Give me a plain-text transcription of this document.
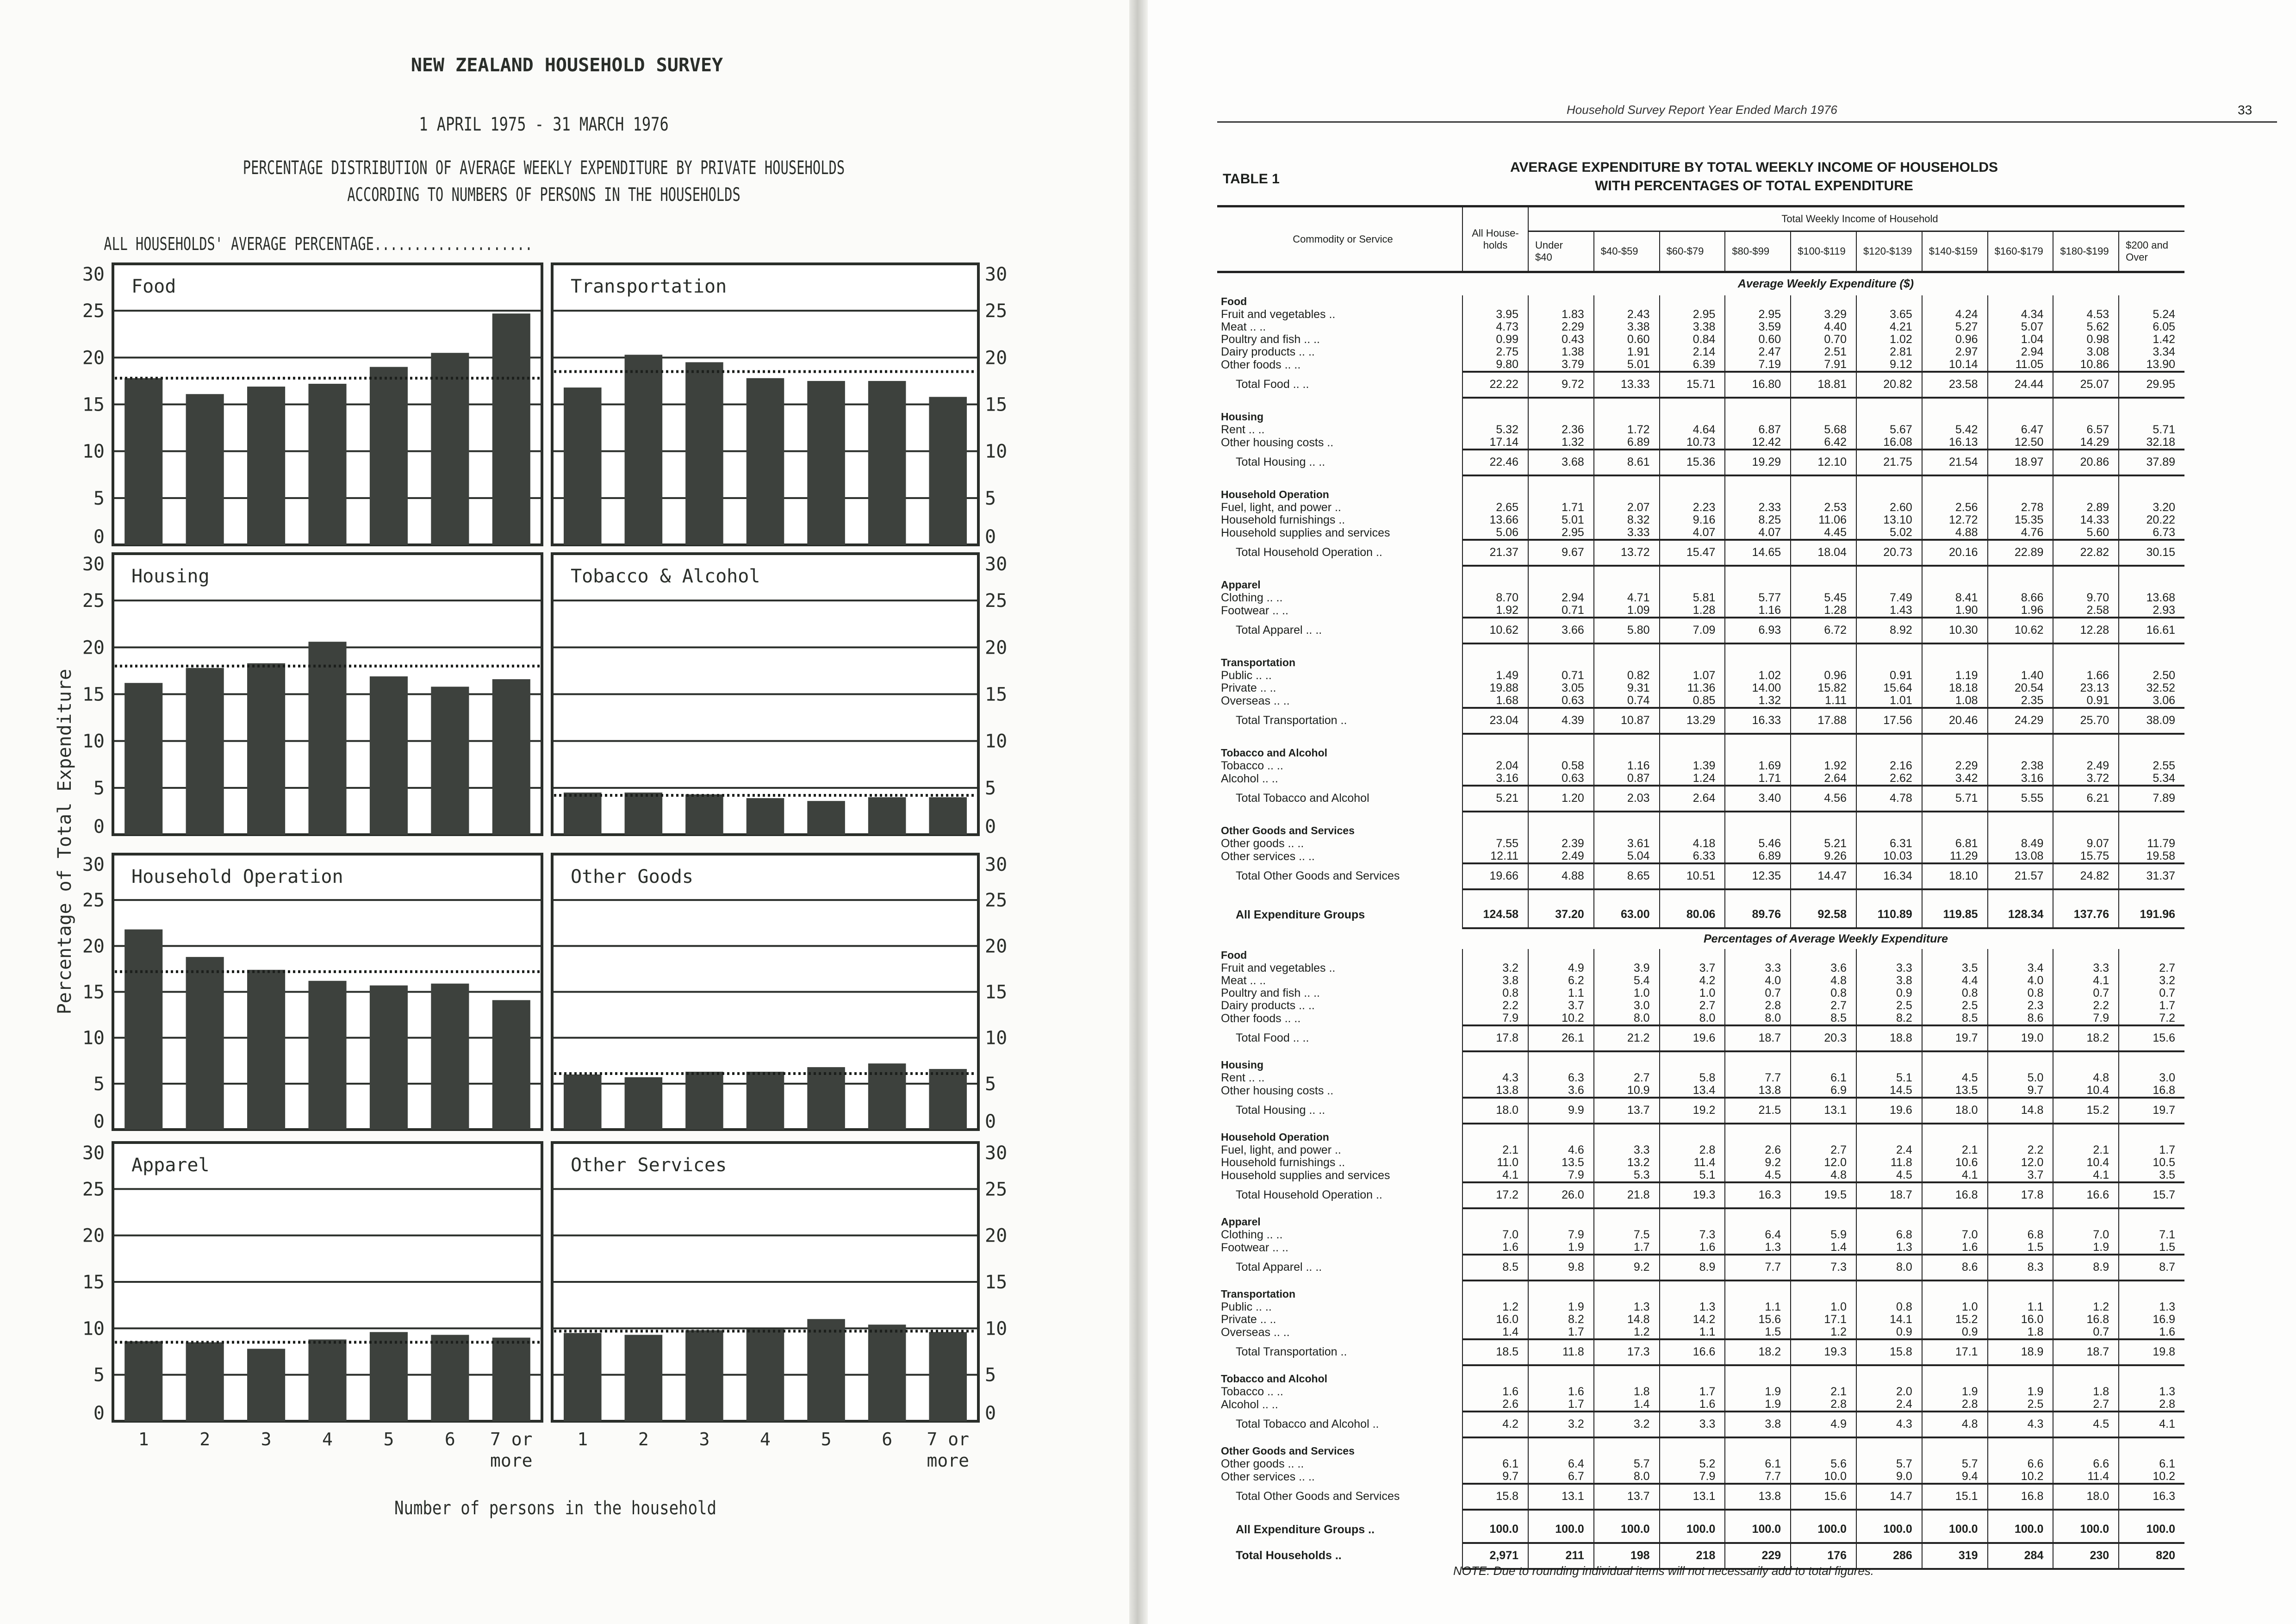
NEW ZEALAND HOUSEHOLD SURVEY
1 APRIL 1975 - 31 MARCH 1976
PERCENTAGE DISTRIBUTION OF AVERAGE WEEKLY EXPENDITURE BY PRIVATE HOUSEHOLDS
ACCORDING TO NUMBERS OF PERSONS IN THE HOUSEHOLDS
ALL HOUSEHOLDS' AVERAGE PERCENTAGE....................
Percentage of Total Expenditure
Number of persons in the household
0
5
10
15
20
25
30
Food
0
5
10
15
20
25
30
Transportation
0
5
10
15
20
25
30
Housing
0
5
10
15
20
25
30
Tobacco & Alcohol
0
5
10
15
20
25
30
Household Operation
0
5
10
15
20
25
30
Other Goods
0
5
10
15
20
25
30
Apparel
1	2	3	4	5	6 7 or more
0
5
10
15
20
25
30
Other Services
1	2	3	4	5	6 7 or more
Household Survey Report Year Ended March 1976	33
TABLE 1
AVERAGE EXPENDITURE BY TOTAL WEEKLY INCOME OF HOUSEHOLDS
WITH PERCENTAGES OF TOTAL EXPENDITURE
Commodity or Service	All House-holds	Total Weekly Income of Household									
		Under $40	$40-$59	$60-$79	$80-$99	$100-$119	$120-$139	$140-$159	$160-$179	$180-$199	$200 and Over
Average Weekly Expenditure ($)											
Food											
Fruit and vegetables ..	3.95	1.83	2.43	2.95	2.95	3.29	3.65	4.24	4.34	4.53	5.24
Meat .. ..	4.73	2.29	3.38	3.38	3.59	4.40	4.21	5.27	5.07	5.62	6.05
Poultry and fish .. ..	0.99	0.43	0.60	0.84	0.60	0.70	1.02	0.96	1.04	0.98	1.42
Dairy products .. ..	2.75	1.38	1.91	2.14	2.47	2.51	2.81	2.97	2.94	3.08	3.34
Other foods .. ..	9.80	3.79	5.01	6.39	7.19	7.91	9.12	10.14	11.05	10.86	13.90
Total Food .. ..	22.22	9.72	13.33	15.71	16.80	18.81	20.82	23.58	24.44	25.07	29.95

Housing											
Rent .. ..	5.32	2.36	1.72	4.64	6.87	5.68	5.67	5.42	6.47	6.57	5.71
Other housing costs ..	17.14	1.32	6.89	10.73	12.42	6.42	16.08	16.13	12.50	14.29	32.18
Total Housing .. ..	22.46	3.68	8.61	15.36	19.29	12.10	21.75	21.54	18.97	20.86	37.89

Household Operation											
Fuel, light, and power ..	2.65	1.71	2.07	2.23	2.33	2.53	2.60	2.56	2.78	2.89	3.20
Household furnishings ..	13.66	5.01	8.32	9.16	8.25	11.06	13.10	12.72	15.35	14.33	20.22
Household supplies and services	5.06	2.95	3.33	4.07	4.07	4.45	5.02	4.88	4.76	5.60	6.73
Total Household Operation ..	21.37	9.67	13.72	15.47	14.65	18.04	20.73	20.16	22.89	22.82	30.15

Apparel											
Clothing .. ..	8.70	2.94	4.71	5.81	5.77	5.45	7.49	8.41	8.66	9.70	13.68
Footwear .. ..	1.92	0.71	1.09	1.28	1.16	1.28	1.43	1.90	1.96	2.58	2.93
Total Apparel .. ..	10.62	3.66	5.80	7.09	6.93	6.72	8.92	10.30	10.62	12.28	16.61

Transportation											
Public .. ..	1.49	0.71	0.82	1.07	1.02	0.96	0.91	1.19	1.40	1.66	2.50
Private .. ..	19.88	3.05	9.31	11.36	14.00	15.82	15.64	18.18	20.54	23.13	32.52
Overseas .. ..	1.68	0.63	0.74	0.85	1.32	1.11	1.01	1.08	2.35	0.91	3.06
Total Transportation ..	23.04	4.39	10.87	13.29	16.33	17.88	17.56	20.46	24.29	25.70	38.09

Tobacco and Alcohol											
Tobacco .. ..	2.04	0.58	1.16	1.39	1.69	1.92	2.16	2.29	2.38	2.49	2.55
Alcohol .. ..	3.16	0.63	0.87	1.24	1.71	2.64	2.62	3.42	3.16	3.72	5.34
Total Tobacco and Alcohol	5.21	1.20	2.03	2.64	3.40	4.56	4.78	5.71	5.55	6.21	7.89

Other Goods and Services											
Other goods .. ..	7.55	2.39	3.61	4.18	5.46	5.21	6.31	6.81	8.49	9.07	11.79
Other services .. ..	12.11	2.49	5.04	6.33	6.89	9.26	10.03	11.29	13.08	15.75	19.58
Total Other Goods and Services	19.66	4.88	8.65	10.51	12.35	14.47	16.34	18.10	21.57	24.82	31.37

All Expenditure Groups	124.58	37.20	63.00	80.06	89.76	92.58	110.89	119.85	128.34	137.76	191.96
Percentages of Average Weekly Expenditure											
Food											
Fruit and vegetables ..	3.2	4.9	3.9	3.7	3.3	3.6	3.3	3.5	3.4	3.3	2.7
Meat .. ..	3.8	6.2	5.4	4.2	4.0	4.8	3.8	4.4	4.0	4.1	3.2
Poultry and fish .. ..	0.8	1.1	1.0	1.0	0.7	0.8	0.9	0.8	0.8	0.7	0.7
Dairy products .. ..	2.2	3.7	3.0	2.7	2.8	2.7	2.5	2.5	2.3	2.2	1.7
Other foods .. ..	7.9	10.2	8.0	8.0	8.0	8.5	8.2	8.5	8.6	7.9	7.2
Total Food .. ..	17.8	26.1	21.2	19.6	18.7	20.3	18.8	19.7	19.0	18.2	15.6

Housing											
Rent .. ..	4.3	6.3	2.7	5.8	7.7	6.1	5.1	4.5	5.0	4.8	3.0
Other housing costs ..	13.8	3.6	10.9	13.4	13.8	6.9	14.5	13.5	9.7	10.4	16.8
Total Housing .. ..	18.0	9.9	13.7	19.2	21.5	13.1	19.6	18.0	14.8	15.2	19.7

Household Operation											
Fuel, light, and power ..	2.1	4.6	3.3	2.8	2.6	2.7	2.4	2.1	2.2	2.1	1.7
Household furnishings ..	11.0	13.5	13.2	11.4	9.2	12.0	11.8	10.6	12.0	10.4	10.5
Household supplies and services	4.1	7.9	5.3	5.1	4.5	4.8	4.5	4.1	3.7	4.1	3.5
Total Household Operation ..	17.2	26.0	21.8	19.3	16.3	19.5	18.7	16.8	17.8	16.6	15.7

Apparel											
Clothing .. ..	7.0	7.9	7.5	7.3	6.4	5.9	6.8	7.0	6.8	7.0	7.1
Footwear .. ..	1.6	1.9	1.7	1.6	1.3	1.4	1.3	1.6	1.5	1.9	1.5
Total Apparel .. ..	8.5	9.8	9.2	8.9	7.7	7.3	8.0	8.6	8.3	8.9	8.7

Transportation											
Public .. ..	1.2	1.9	1.3	1.3	1.1	1.0	0.8	1.0	1.1	1.2	1.3
Private .. ..	16.0	8.2	14.8	14.2	15.6	17.1	14.1	15.2	16.0	16.8	16.9
Overseas .. ..	1.4	1.7	1.2	1.1	1.5	1.2	0.9	0.9	1.8	0.7	1.6
Total Transportation ..	18.5	11.8	17.3	16.6	18.2	19.3	15.8	17.1	18.9	18.7	19.8

Tobacco and Alcohol											
Tobacco .. ..	1.6	1.6	1.8	1.7	1.9	2.1	2.0	1.9	1.9	1.8	1.3
Alcohol .. ..	2.6	1.7	1.4	1.6	1.9	2.8	2.4	2.8	2.5	2.7	2.8
Total Tobacco and Alcohol ..	4.2	3.2	3.2	3.3	3.8	4.9	4.3	4.8	4.3	4.5	4.1

Other Goods and Services											
Other goods .. ..	6.1	6.4	5.7	5.2	6.1	5.6	5.7	5.7	6.6	6.6	6.1
Other services .. ..	9.7	6.7	8.0	7.9	7.7	10.0	9.0	9.4	10.2	11.4	10.2
Total Other Goods and Services	15.8	13.1	13.7	13.1	13.8	15.6	14.7	15.1	16.8	18.0	16.3

All Expenditure Groups ..	100.0	100.0	100.0	100.0	100.0	100.0	100.0	100.0	100.0	100.0	100.0
Total Households ..	2,971	211	198	218	229	176	286	319	284	230	820
NOTE: Due to rounding individual items will not necessarily add to total figures.
